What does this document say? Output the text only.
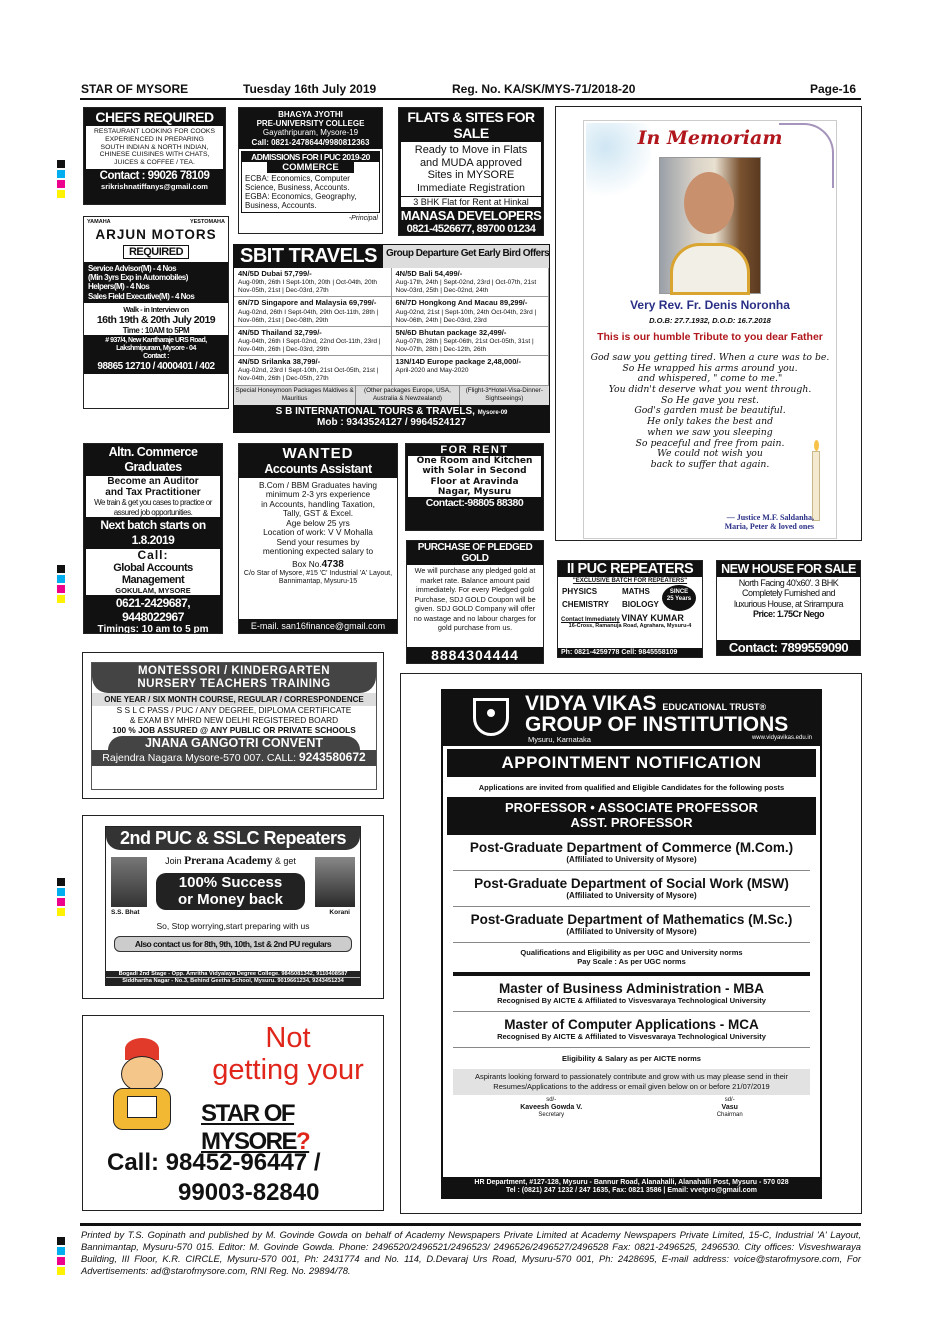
STAR OF MYSORE	Tuesday 16th July 2019	Reg. No. KA/SK/MYS-71/2018-20	Page-16
CHEFS REQUIRED
RESTAURANT LOOKING FOR COOKS
EXPERIENCED IN PREPARING
SOUTH INDIAN & NORTH INDIAN,
CHINESE CUISINES WITH CHATS,
JUICES & COFFEE / TEA.
Contact : 99026 78109
srikrishnatiffanys@gmail.com
BHAGYA JYOTHI
PRE-UNIVERSITY COLLEGE
Gayathripuram, Mysore-19
Call: 0821-2478644/9980812363
ADMISSIONS FOR I PUC 2019-20
COMMERCE
ECBA: Economics, Computer Science, Business, Accounts.
EGBA: Economics, Geography, Business, Accounts.
-Principal
FLATS & SITES FOR SALE
Ready to Move in Flats
and MUDA approved
Sites in MYSORE
Immediate Registration
3 BHK Flat for Rent at Hinkal
MANASA DEVELOPERS
0821-4526677, 89700 01234
YAMAHA	YESTOMAHA
ARJUN MOTORS
REQUIRED
Service Advisor(M) - 4 Nos
(Min 3yrs Exp in Automobiles)
Helpers(M) - 4 Nos
Sales Field Executive(M) - 4 Nos
Walk - in Interview on
16th 19th & 20th July 2019
Time : 10AM to 5PM
# 937/4, New Kantharaje URS Road,
Lakshmipuram, Mysore - 04
Contact :
98865 12710 / 4000401 / 402
SBIT TRAVELS Group Departure Get Early Bird Offers
4N/5D Dubai 57,799/-
Aug-09th, 26th I Sept-10th, 20th | Oct-04th, 20th Nov-05th, 21st | Dec-03rd, 27th
4N/5D Bali 54,499/-
Aug-17th, 24th | Sept-02nd, 23rd | Oct-07th, 21st Nov-03rd, 25th | Dec-02nd, 24th
6N/7D Singapore and Malaysia 69,799/-
Aug-02nd, 26th I Sept-04th, 29th Oct-11th, 28th | Nov-06th, 21st | Dec-08th, 29th
6N/7D Hongkong And Macau 89,299/-
Aug-02nd, 21st | Sept-10th, 24th Oct-04th, 23rd | Nov-06th, 24th | Dec-03rd, 23rd
4N/5D Thailand 32,799/-
Aug-04th, 26th I Sept-02nd, 22nd Oct-11th, 23rd | Nov-04th, 26th | Dec-03rd, 29th
5N/6D Bhutan package 32,499/-
Aug-07th, 28th | Sept-06th, 21st Oct-05th, 31st | Nov-07th, 28th | Dec-12th, 26th
4N/5D Srilanka 38,799/-
Aug-02nd, 23rd I Sept-10th, 21st Oct-05th, 21st | Nov-04th, 26th | Dec-05th, 27th
13N/14D Europe package 2,48,000/-
April-2020 and May-2020
Special Honeymoon Packages Maldives & Mauritius
(Other packages Europe, USA, Australia & Newzealand)
(Flight-3*Hotel-Visa-Dinner-Sightseeings)
S B INTERNATIONAL TOURS & TRAVELS, Mysore-09
Mob : 9343524127 / 9964524127
In Memoriam
Very Rev. Fr. Denis Noronha
D.O.B: 27.7.1932, D.O.D: 16.7.2018
This is our humble Tribute to you dear Father
God saw you getting tired. When a cure was to be.
So He wrapped his arms around you.
and whispered, " come to me."
You didn't deserve what you went through.
So He gave you rest.
God's garden must be beautiful.
He only takes the best and
when we saw you sleeping
So peaceful and free from pain.
We could not wish you
back to suffer that again.
— Justice M.F. Saldanha,
Maria, Peter & loved ones
Altn. Commerce Graduates
Become an Auditor
and Tax Practitioner
We train & get you cases to practice or assured job opportunities.
Next batch starts on 1.8.2019
Call:
Global Accounts Management
GOKULAM, MYSORE
0621-2429687, 9448022967
Timings: 10 am to 5 pm
WANTED
Accounts Assistant
B.Com / BBM Graduates having
minimum 2-3 yrs experience
in Accounts, handling Taxation,
Tally, GST & Excel.
Age below 25 yrs
Location of work: V V Mohalla
Send your resumes by
mentioning expected salary to
Box No.4738
C/o Star of Mysore, #15 'C' Industrial 'A' Layout, Bannimantap, Mysuru-15
E-mail. san16finance@gmail.com
FOR RENT
One Room and Kitchen
with Solar in Second
Floor at Aravinda
Nagar, Mysuru
Contact:-98805 88380
PURCHASE OF PLEDGED GOLD
We will purchase any pledged gold at market rate. Balance amount paid immediately. For every Pledged gold Purchase, SDJ GOLD Coupon will be given. SDJ GOLD Company will offer no wastage and no labour charges for gold purchase from us.
8884304444
II PUC REPEATERS
"EXCLUSIVE BATCH FOR REPEATERS"
PHYSICS	MATHS	SINCE
25 Years
CHEMISTRY	BIOLOGY
Contact Immediately VINAY KUMAR
16-Cross, Ramanuja Road, Agrahara, Mysuru-4
Ph: 0821-4259778 Cell: 9845558109
NEW HOUSE FOR SALE
North Facing 40'x60'. 3 BHK
Completely Furnished and
luxurious House, at Srirampura
Price: 1.75Cr Nego
Contact: 7899559090
MONTESSORI / KINDERGARTEN
NURSERY TEACHERS TRAINING
ONE YEAR / SIX MONTH COURSE, REGULAR / CORRESPONDENCE
S S L C PASS / PUC / ANY DEGREE, DIPLOMA CERTIFICATE
& EXAM BY MHRD NEW DELHI REGISTERED BOARD
100 % JOB ASSURED @ ANY PUBLIC OR PRIVATE SCHOOLS
JNANA GANGOTRI CONVENT
Rajendra Nagara Mysore-570 007. CALL: 9243580672
2nd PUC & SSLC Repeaters
S.S. Bhat	Korani
Join Prerana Academy & get
100% Success
or Money back
So, Stop worrying,start preparing with us
Also contact us for 8th, 9th, 10th, 1st & 2nd PU regulars
Bogadi 2nd Stage - Opp. Amritha Vidyalaya Degree College. 9845081342, 9110408587
Siddhartha Nagar - No.3, Behind Geetha School, Mysuru. 9019661234, 9243451234

Not
getting your
STAR OF MYSORE?
Call: 98452-96447 /
99003-82840
VIDYA VIKAS EDUCATIONAL TRUST®
GROUP OF INSTITUTIONS
Mysuru, Karnataka	www.vidyavikas.edu.in
APPOINTMENT NOTIFICATION
Applications are invited from qualified and Eligible Candidates for the following posts
PROFESSOR • ASSOCIATE PROFESSOR
ASST. PROFESSOR
Post-Graduate Department of Commerce (M.Com.)
(Affiliated to University of Mysore)
Post-Graduate Department of Social Work (MSW)
(Affiliated to University of Mysore)
Post-Graduate Department of Mathematics (M.Sc.)
(Affiliated to University of Mysore)
Qualifications and Eligibility as per UGC and University norms
Pay Scale : As per UGC norms
Master of Business Administration - MBA
Recognised By AICTE & Affiliated to Visvesvaraya Technological University
Master of Computer Applications - MCA
Recognised By AICTE & Affiliated to Visvesvaraya Technological University
Eligibility & Salary as per AICTE norms
Aspirants looking forward to passionately contribute and grow with us may please send in their Resumes/Applications to the address or email given below on or before 21/07/2019
sd/-
Kaveesh Gowda V.
Secretary
sd/-
Vasu
Chairman
HR Department, #127-128, Mysuru - Bannur Road, Alanahalli, Alanahalli Post, Mysuru - 570 028
Tel : (0821) 247 1232 / 247 1635, Fax: 0821 3586 | Email: vvetpro@gmail.com
Printed by T.S. Gopinath and published by M. Govinde Gowda on behalf of Academy Newspapers Private Limited at Academy Newspapers Private Limited, 15-C, Industrial 'A' Layout, Bannimantap, Mysuru-570 015. Editor: M. Govinde Gowda. Phone: 2496520/2496521/2496523/ 2496526/2496527/2496528 Fax: 0821-2496525, 2496530. City offices: Visveshwaraya Building, III Floor, K.R. CIRCLE, Mysuru-570 001, Ph: 2431774 and No. 114, D.Devaraj Urs Road, Mysuru-570 001, Ph: 2428695, E-mail address: voice@starofmysore.com, For Advertisements: ad@starofmysore.com, RNI Reg. No. 29894/78.
